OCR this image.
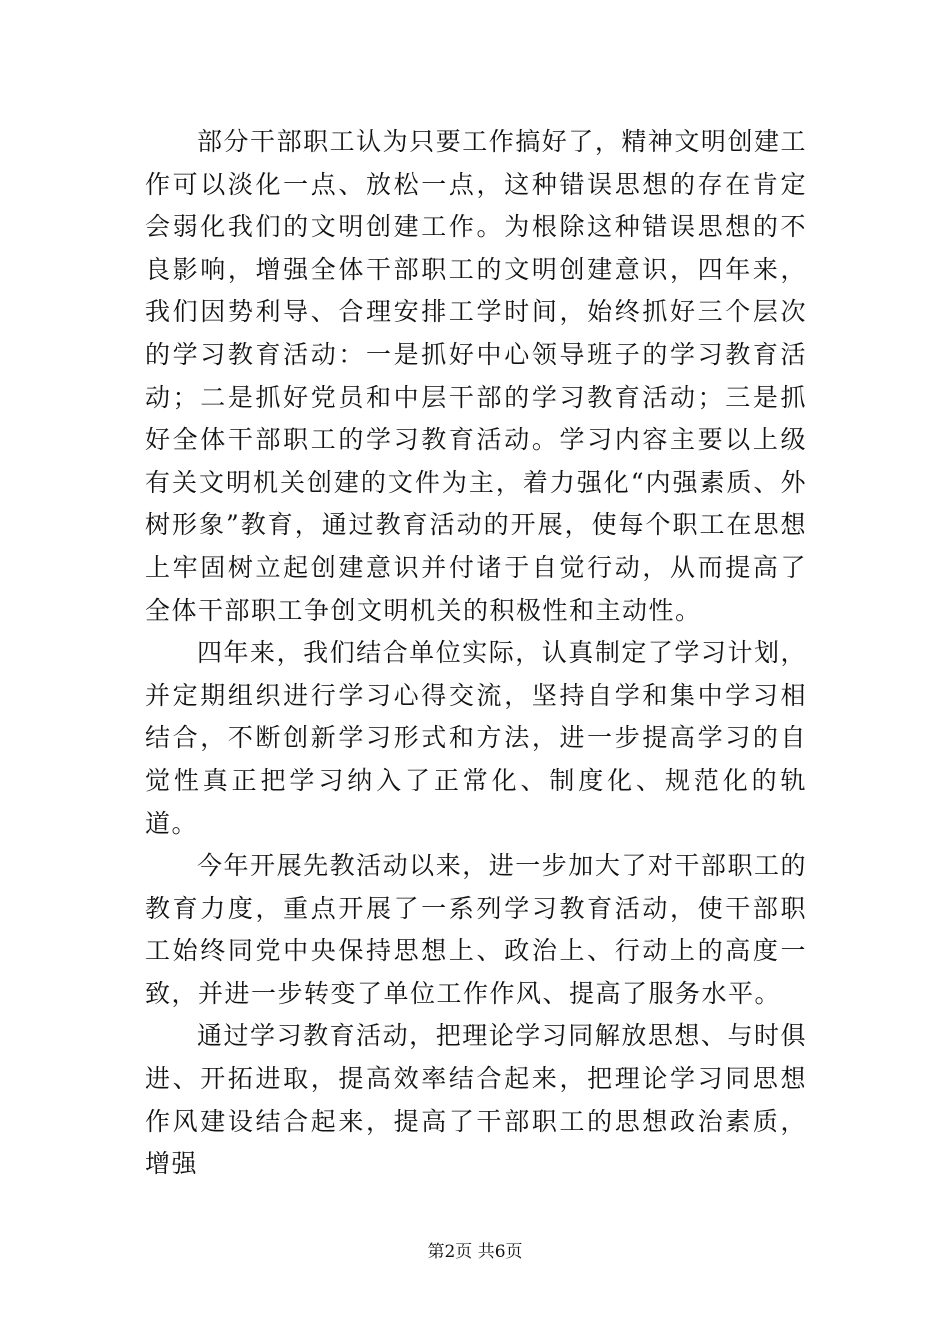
部分干部职工认为只要工作搞好了，精神文明创建工作可以淡化一点、放松一点，这种错误思想的存在肯定会弱化我们的文明创建工作。为根除这种错误思想的不良影响，增强全体干部职工的文明创建意识，四年来，我们因势利导、合理安排工学时间，始终抓好三个层次的学习教育活动：一是抓好中心领导班子的学习教育活动；二是抓好党员和中层干部的学习教育活动；三是抓好全体干部职工的学习教育活动。学习内容主要以上级有关文明机关创建的文件为主，着力强化“内强素质、外树形象”教育，通过教育活动的开展，使每个职工在思想上牢固树立起创建意识并付诸于自觉行动，从而提高了全体干部职工争创文明机关的积极性和主动性。

四年来，我们结合单位实际，认真制定了学习计划，并定期组织进行学习心得交流，坚持自学和集中学习相结合，不断创新学习形式和方法，进一步提高学习的自觉性真正把学习纳入了正常化、制度化、规范化的轨道。

今年开展先教活动以来，进一步加大了对干部职工的教育力度，重点开展了一系列学习教育活动，使干部职工始终同党中央保持思想上、政治上、行动上的高度一致，并进一步转变了单位工作作风、提高了服务水平。

通过学习教育活动，把理论学习同解放思想、与时俱进、开拓进取，提高效率结合起来，把理论学习同思想作风建设结合起来，提高了干部职工的思想政治素质，增强

第2页 共6页
